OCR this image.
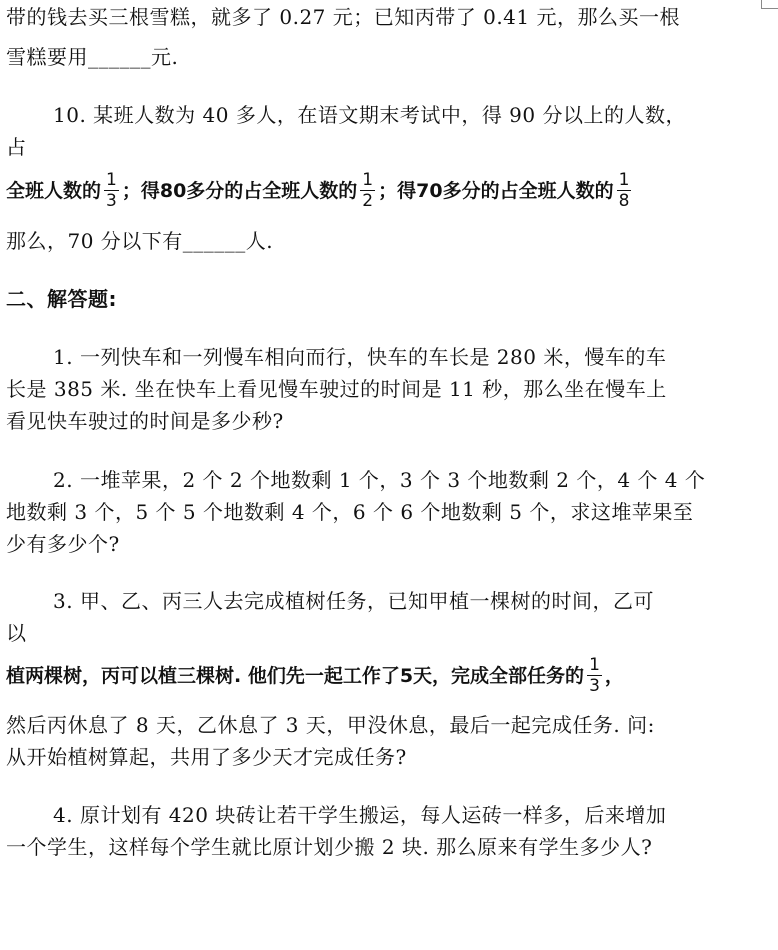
带的钱去买三根雪糕，就多了 0.27 元；已知丙带了 0.41 元，那么买一根
雪糕要用______元.
10. 某班人数为 40 多人，在语文期末考试中，得 90 分以上的人数，
占
全班人数的 $\frac{1}{3}$ ；得80多分的占全班人数的 $\frac{1}{2}$ ；得70多分的占全班人数的 $\frac{1}{8}$
那么，70 分以下有______人.
二、解答题:
1. 一列快车和一列慢车相向而行，快车的车长是 280 米，慢车的车
长是 385 米. 坐在快车上看见慢车驶过的时间是 11 秒，那么坐在慢车上
看见快车驶过的时间是多少秒?
2. 一堆苹果，2 个 2 个地数剩 1 个，3 个 3 个地数剩 2 个，4 个 4 个
地数剩 3 个，5 个 5 个地数剩 4 个，6 个 6 个地数剩 5 个，求这堆苹果至
少有多少个?
3. 甲、乙、丙三人去完成植树任务，已知甲植一棵树的时间，乙可
以
植两棵树，丙可以植三棵树. 他们先一起工作了5天，完成全部任务的 $\frac{1}{3}$ ，
然后丙休息了 8 天，乙休息了 3 天，甲没休息，最后一起完成任务. 问:
从开始植树算起，共用了多少天才完成任务?
4. 原计划有 420 块砖让若干学生搬运，每人运砖一样多，后来增加
一个学生，这样每个学生就比原计划少搬 2 块. 那么原来有学生多少人?
